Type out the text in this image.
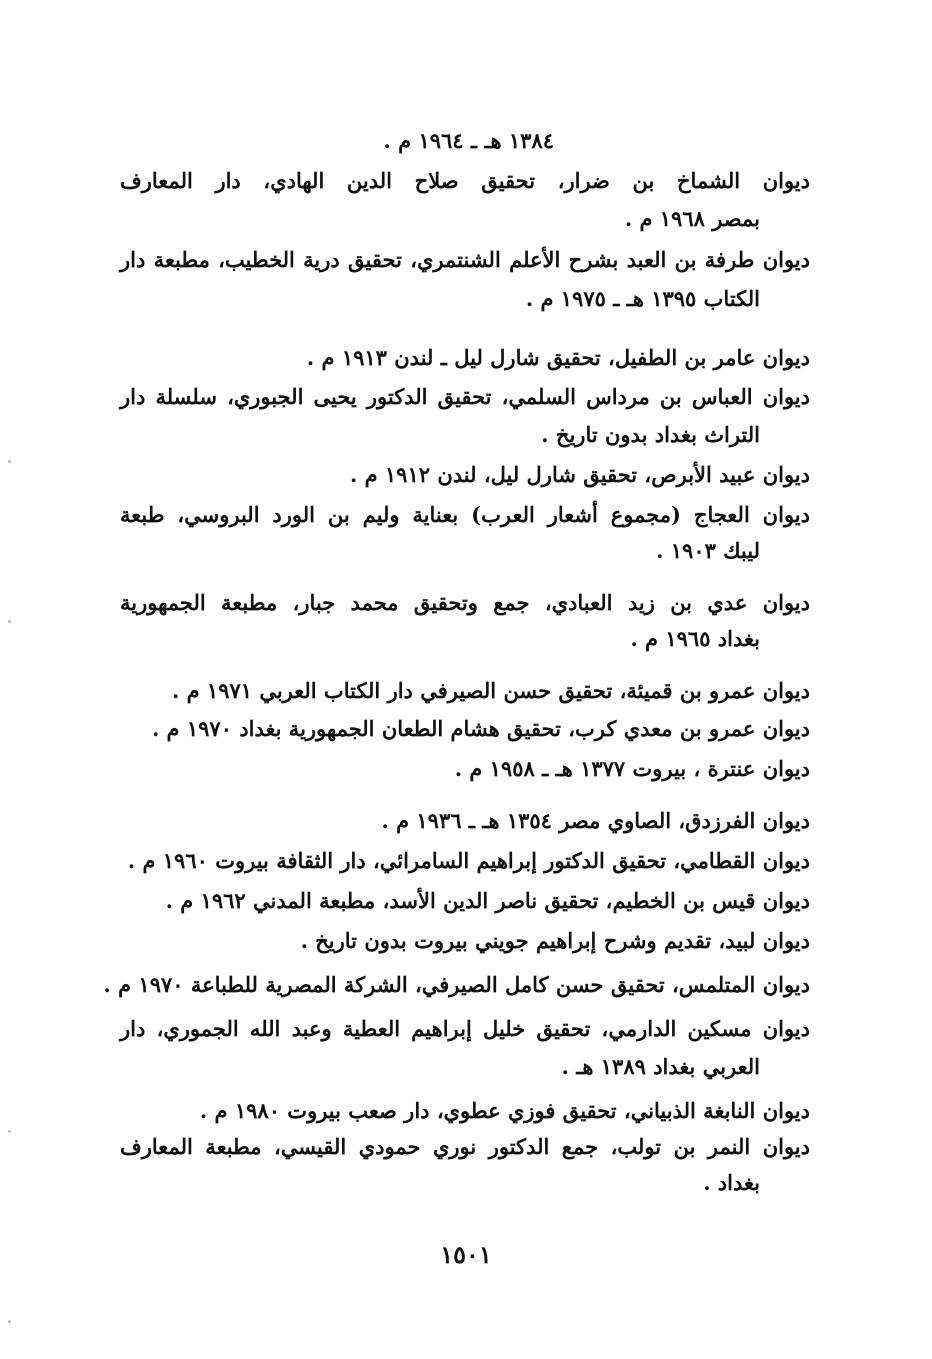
١٣٨٤ هـ ـ ١٩٦٤ م .
ديوان الشماخ بن ضرار، تحقيق صلاح الدين الهادي، دار المعارف
بمصر ١٩٦٨ م .
ديوان طرفة بن العبد بشرح الأعلم الشنتمري، تحقيق درية الخطيب، مطبعة دار
الكتاب ١٣٩٥ هـ ـ ١٩٧٥ م .
ديوان عامر بن الطفيل، تحقيق شارل ليل ـ لندن ١٩١٣ م .
ديوان العباس بن مرداس السلمي، تحقيق الدكتور يحيى الجبوري، سلسلة دار
التراث بغداد بدون تاريخ .
ديوان عبيد الأبرص، تحقيق شارل ليل، لندن ١٩١٢ م .
ديوان العجاج (مجموع أشعار العرب) بعناية وليم بن الورد البروسي، طبعة
ليبك ١٩٠٣ .
ديوان عدي بن زيد العبادي، جمع وتحقيق محمد جبار، مطبعة الجمهورية
بغداد ١٩٦٥ م .
ديوان عمرو بن قميئة، تحقيق حسن الصيرفي دار الكتاب العربي ١٩٧١ م .
ديوان عمرو بن معدي كرب، تحقيق هشام الطعان الجمهورية بغداد ١٩٧٠ م .
ديوان عنترة ، بيروت ١٣٧٧ هـ ـ ١٩٥٨ م .
ديوان الفرزدق، الصاوي مصر ١٣٥٤ هـ ـ ١٩٣٦ م .
ديوان القطامي، تحقيق الدكتور إبراهيم السامرائي، دار الثقافة بيروت ١٩٦٠ م .
ديوان قيس بن الخطيم، تحقيق ناصر الدين الأسد، مطبعة المدني ١٩٦٢ م .
ديوان لبيد، تقديم وشرح إبراهيم جويني بيروت بدون تاريخ .
ديوان المتلمس، تحقيق حسن كامل الصيرفي، الشركة المصرية للطباعة ١٩٧٠ م .
ديوان مسكين الدارمي، تحقيق خليل إبراهيم العطية وعبد الله الجموري، دار
العربي بغداد ١٣٨٩ هـ .
ديوان النابغة الذبياني، تحقيق فوزي عطوي، دار صعب بيروت ١٩٨٠ م .
ديوان النمر بن تولب، جمع الدكتور نوري حمودي القيسي، مطبعة المعارف
بغداد .
١٥٠١
